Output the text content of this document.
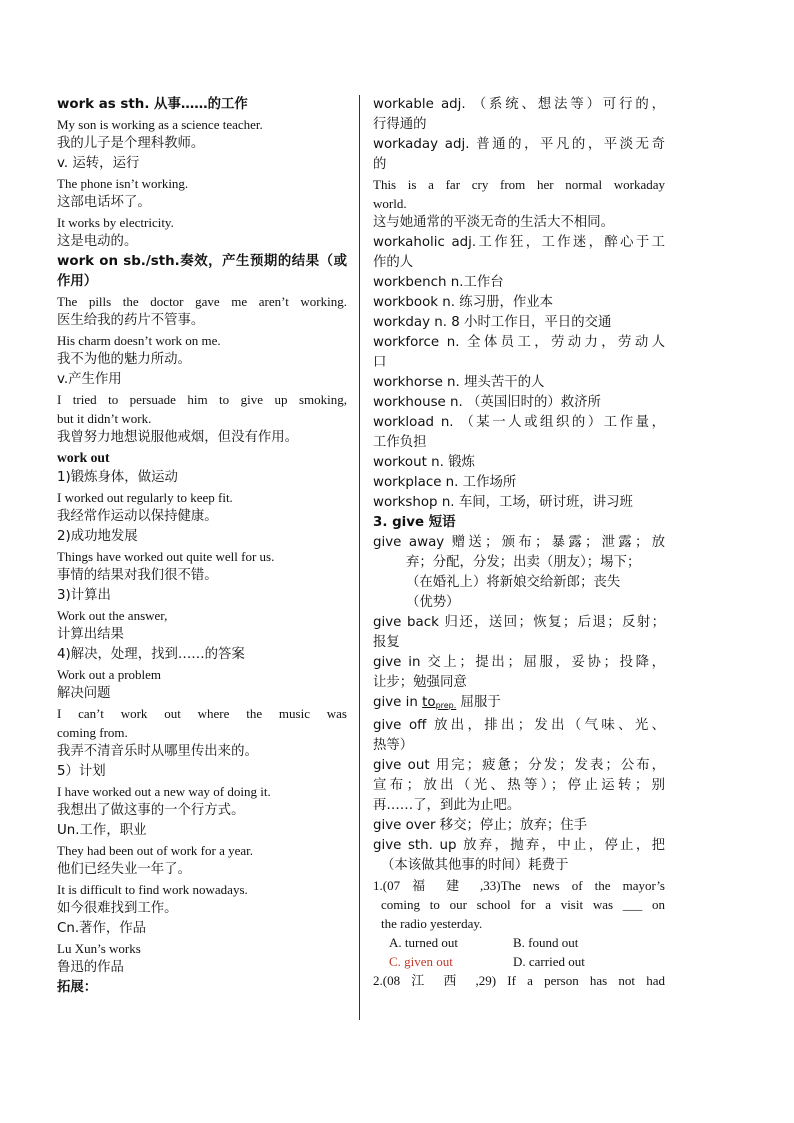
work as sth. 从事……的工作
My son is working as a science teacher.
我的儿子是个理科教师。
v. 运转，运行
The phone isn’t working.
这部电话坏了。
It works by electricity.
这是电动的。
work on sb./sth.奏效，产生预期的结果（或
作用）
The pills the doctor gave me aren’t working.
医生给我的药片不管事。
His charm doesn’t work on me.
我不为他的魅力所动。
v.产生作用
I tried to persuade him to give up smoking,
but it didn’t work.
我曾努力地想说服他戒烟，但没有作用。
work out
1)锻炼身体，做运动
I worked out regularly to keep fit.
我经常作运动以保持健康。
2)成功地发展
Things have worked out quite well for us.
事情的结果对我们很不错。
3)计算出
Work out the answer,
计算出结果
4)解决，处理，找到……的答案
Work out a problem
解决问题
I can’t work out where the music was
coming from.
我弄不清音乐时从哪里传出来的。
5）计划
I have worked out a new way of doing it.
我想出了做这事的一个行方式。
Un.工作，职业
They had been out of work for a year.
他们已经失业一年了。
It is difficult to find work nowadays.
如今很难找到工作。
Cn.著作，作品
Lu Xun’s works
鲁迅的作品
拓展：
workable adj. （系统、想法等）可行的，
行得通的
workaday adj. 普通的，平凡的，平淡无奇
的
This is a far cry from her normal workaday
world.
这与她通常的平淡无奇的生活大不相同。
workaholic adj.工作狂，工作迷，醉心于工
作的人
workbench n.工作台
workbook n. 练习册，作业本
workday n. 8 小时工作日，平日的交通
workforce n. 全体员工，劳动力，劳动人
口
workhorse n. 埋头苦干的人
workhouse n. （英国旧时的）救济所
workload n. （某一人或组织的）工作量，
工作负担
workout n. 锻炼
workplace n. 工作场所
workshop n. 车间，工场，研讨班，讲习班
3. give 短语
give away 赠送；颁布；暴露；泄露；放
弃；分配，分发；出卖（朋友）；埸下；
（在婚礼上）将新娘交给新郎；丧失
（优势）
give back 归还，送回；恢复；后退；反射；
报复
give in 交上；提出；屈服，妥协；投降，
让步；勉强同意
give in $to_{prep.}$ 屈服于
give off 放出，排出；发出（气味、光、
热等）
give out 用完；疲惫；分发；发表；公布，
宣布；放出（光、热等）；停止运转；别
再……了，到此为止吧。
give over 移交；停止；放弃；住手
give sth. up 放弃，抛弃，中止，停止，把
（本该做其他事的时间）耗费于
1.(07 福 建 ,33)The news of the mayor’s
coming to our school for a visit was ___ on
the radio yesterday.
A. turned out	B. found out
C. given out	D. carried out
2.(08 江 西 ,29) If a person has not had
